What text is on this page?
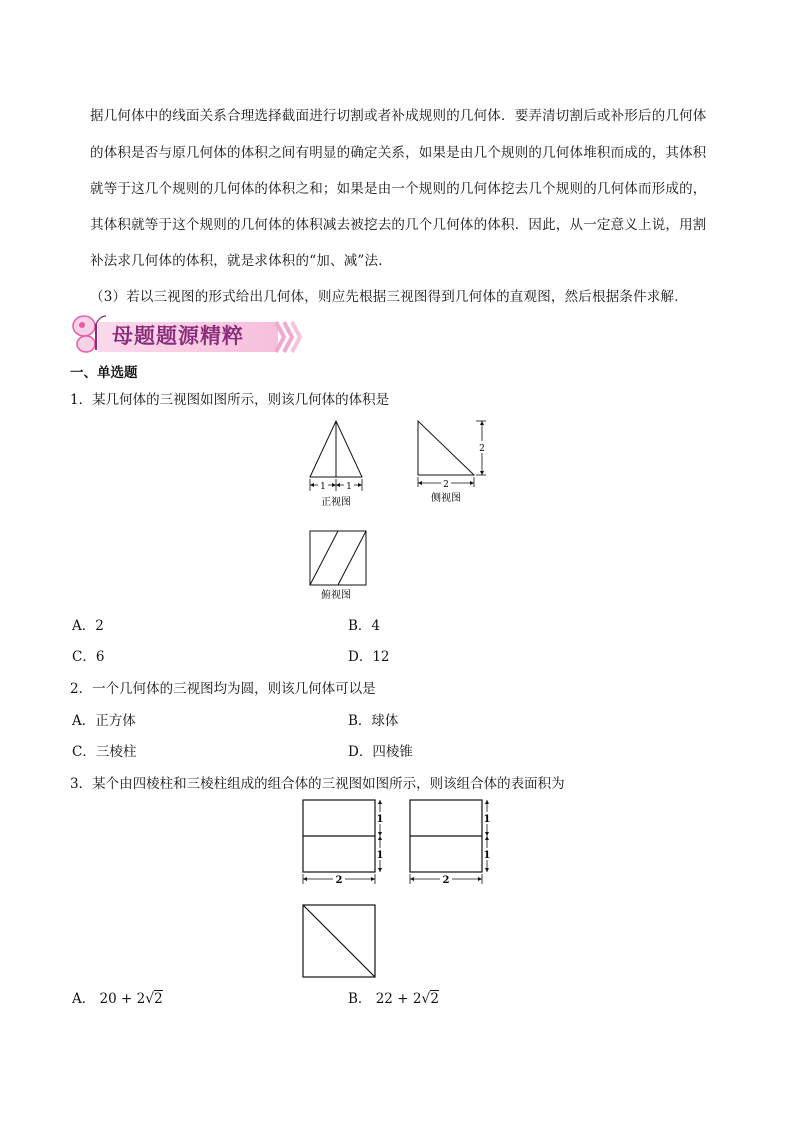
据几何体中的线面关系合理选择截面进行切割或者补成规则的几何体．要弄清切割后或补形后的几何体
的体积是否与原几何体的体积之间有明显的确定关系，如果是由几个规则的几何体堆积而成的，其体积
就等于这几个规则的几何体的体积之和；如果是由一个规则的几何体挖去几个规则的几何体而形成的，
其体积就等于这个规则的几何体的体积减去被挖去的几个几何体的体积．因此，从一定意义上说，用割
补法求几何体的体积，就是求体积的“加、减”法．
（3）若以三视图的形式给出几何体，则应先根据三视图得到几何体的直观图，然后根据条件求解．
母题题源精粹
一、单选题
1．某几何体的三视图如图所示，则该几何体的体积是
1 1
正视图
2
2
侧视图
俯视图
A．2	B．4
C．6	D．12
2．一个几何体的三视图均为圆，则该几何体可以是
A．正方体	B．球体
C．三棱柱	D．四棱锥
3．某个由四棱柱和三棱柱组成的组合体的三视图如图所示，则该组合体的表面积为
1
1
2
1
1
2
A． 20 + 2√2	B． 22 + 2√2
